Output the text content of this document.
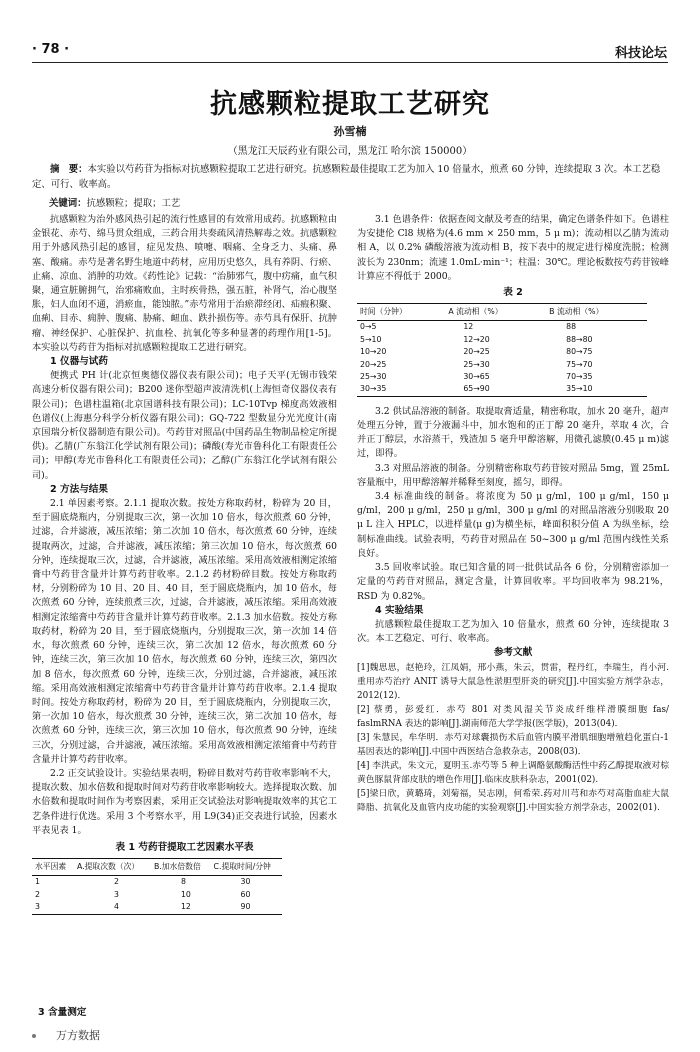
· 78 ·	科技论坛
抗感颗粒提取工艺研究
孙雪楠
（黑龙江天辰药业有限公司，黑龙江 哈尔滨 150000）
摘　要：本实验以芍药苷为指标对抗感颗粒提取工艺进行研究。抗感颗粒最佳提取工艺为加入 10 倍量水，煎煮 60 分钟，连续提取 3 次。本工艺稳定、可行、收率高。
关键词：抗感颗粒；提取；工艺

抗感颗粒为治外感风热引起的流行性感冒的有效常用成药。抗感颗粒由金银花、赤芍、绵马贯众组成，三药合用共奏疏风清热解毒之效。抗感颗粒用于外感风热引起的感冒，症见发热、喷嚏、咽痛、全身乏力、头痛、鼻塞、酸痛。赤芍是著名野生地道中药材，应用历史悠久，具有养阴、行瘀、止痛、凉血、消肿的功效。《药性论》记载：“治肺邪气，腹中疠痛，血气积聚，通宣脏腑拥气，治邪痛败血，主时疾骨热，强五脏，补肾气，治心腹坚胀，妇人血闭不通，消瘀血，能蚀脓。”赤芍常用于治瘀滞经闭、疝瘕积聚、血痢、目赤、痈肿、腹痛、胁痛、衄血、跌扑损伤等。赤芍具有保肝、抗肿瘤、神经保护、心脏保护、抗血栓、抗氧化等多种显著的药理作用[1-5]。本实验以芍药苷为指标对抗感颗粒提取工艺进行研究。

1 仪器与试药

便携式 PH 计(北京恒奥德仪器仪表有限公司)；电子天平(无锡市钱荣高速分析仪器有限公司)；B200 迷你型超声波清洗机(上海恒奇仪器仪表有限公司)；色谱柱温箱(北京国谱科技有限公司)；LC-10Tvp 梯度高效液相色谱仪(上海惠分科学分析仪器有限公司)；GQ-722 型数显分光光度计(南京国瑞分析仪器制造有限公司)。芍药苷对照品(中国药品生物制品检定所提供)。乙腈(广东翁江化学试剂有限公司)；磷酸(寿光市鲁科化工有限责任公司)；甲醇(寿光市鲁科化工有限责任公司)；乙醇(广东翁江化学试剂有限公司)。

2 方法与结果

2.1 单因素考察。2.1.1 提取次数。按处方称取药材，粉碎为 20 目，至于圆底烧瓶内，分别提取三次，第一次加 10 倍水，每次煎煮 60 分钟，过滤，合并滤液，减压浓缩；第二次加 10 倍水，每次煎煮 60 分钟，连续提取两次，过滤，合并滤液，减压浓缩；第三次加 10 倍水，每次煎煮 60 分钟，连续提取三次，过滤，合并滤液，减压浓缩。采用高效液相测定浓缩膏中芍药苷含量并计算芍药苷收率。2.1.2 药材粉碎目数。按处方称取药材，分别粉碎为 10 目、20 目、40 目，至于圆底烧瓶内，加 10 倍水，每次煎煮 60 分钟，连续煎煮三次，过滤，合并滤液，减压浓缩。采用高效液相测定浓缩膏中芍药苷含量并计算芍药苷收率。2.1.3 加水倍数。按处方称取药材，粉碎为 20 目，至于圆底烧瓶内，分别提取三次，第一次加 14 倍水，每次煎煮 60 分钟，连续三次，第二次加 12 倍水，每次煎煮 60 分钟，连续三次，第三次加 10 倍水，每次煎煮 60 分钟，连续三次，第四次加 8 倍水，每次煎煮 60 分钟，连续三次，分别过滤，合并滤液，减压浓缩。采用高效液相测定浓缩膏中芍药苷含量并计算芍药苷收率。2.1.4 提取时间。按处方称取药材，粉碎为 20 目，至于圆底烧瓶内，分别提取三次，第一次加 10 倍水，每次煎煮 30 分钟，连续三次，第二次加 10 倍水，每次煎煮 60 分钟，连续三次，第三次加 10 倍水，每次煎煮 90 分钟，连续三次，分别过滤，合并滤液，减压浓缩。采用高效液相测定浓缩膏中芍药苷含量并计算芍药苷收率。

2.2 正交试验设计。实验结果表明，粉碎目数对芍药苷收率影响不大，提取次数、加水倍数和提取时间对芍药苷收率影响较大。选择提取次数、加水倍数和提取时间作为考察因素，采用正交试验法对影响提取效率的其它工艺条件进行优选。采用 3 个考察水平，用 L9(34)正交表进行试验，因素水平表见表 1。

表 1 芍药苷提取工艺因素水平表
水平因素	A.提取次数（次）	B.加水倍数倍	C.提取时间/分钟
1	2	8	30
2	3	10	60
3	4	12	90
3 含量测定

3.1 色谱条件：依据查阅文献及考查的结果，确定色谱条件如下。色谱柱为安捷伦 Cl8 规格为(4.6 mm × 250 mm，5 μ m)；流动相以乙腈为流动相 A，以 0.2% 磷酸溶液为流动相 B，按下表中的规定进行梯度洗脱；检测波长为 230nm；流速 1.0mL·min⁻¹；柱温：30℃。理论板数按芍药苷铵峰计算应不得低于 2000。

表 2
时间（分钟）	A 流动相（%）	B 流动相（%）
0→5	12	88
5→10	12→20	88→80
10→20	20→25	80→75
20→25	25→30	75→70
25→30	30→65	70→35
30→35	65→90	35→10

3.2 供试品溶液的制备。取提取膏适量，精密称取，加水 20 毫升，超声处理五分钟，置于分液漏斗中，加水饱和的正丁醇 20 毫升，萃取 4 次，合并正丁醇层，水浴蒸干，残渣加 5 毫升甲醇溶解，用微孔滤膜(0.45 μ m)滤过，即得。

3.3 对照品溶液的制备。分别精密称取芍药苷铵对照品 5mg，置 25mL 容量瓶中，用甲醇溶解并稀释至刻度，摇匀，即得。

3.4 标准曲线的制备。将浓度为 50 μ g/ml，100 μ g/ml，150 μ g/ml，200 μ g/ml，250 μ g/ml，300 μ g/ml 的对照品溶液分别吸取 20 μ L 注入 HPLC，以进样量(μ g)为横坐标，峰面积积分值 A 为纵坐标，绘制标准曲线。试验表明，芍药苷对照品在 50~300 μ g/ml 范围内线性关系良好。

3.5 回收率试验。取已知含量的同一批供试品各 6 份，分别精密添加一定量的芍药苷对照品，测定含量，计算回收率。平均回收率为 98.21%，RSD 为 0.82%。

4 实验结果

抗感颗粒最佳提取工艺为加入 10 倍量水，煎煮 60 分钟，连续提取 3 次。本工艺稳定、可行、收率高。

参考文献
[1]魏思思，赵艳玲，江凤娟，邢小燕，朱云，贯雷，程丹红，李瑞生，肖小河.重用赤芍治疗 ANIT 诱导大鼠急性淤胆型肝炎的研究[J].中国实验方剂学杂志，2012(12)．
[2] 蔡勇，彭爱红．赤芍 801 对类风湿关节炎成纤维样滑膜细胞 fas/ faslmRNA 表达的影响[J].湖南师范大学学报(医学版)，2013(04)．
[3] 朱慧民，牟华明．赤芍对球囊损伤术后血管内膜平滑肌细胞增殖趋化蛋白-1 基因表达的影响[J].中国中西医结合急救杂志，2008(03)．
[4] 李洪武，朱文元，夏明玉.赤芍等 5 种上调酪氨酸酶活性中药乙醇提取液对棕黄色豚鼠背部皮肤的增色作用[J].临床皮肤科杂志，2001(02).
[5]梁日欣，黄璐琦，刘菊福，吴志刚，何希荣.药对川芎和赤芍对高脂血症大鼠降脂、抗氧化及血管内皮功能的实验观察[J].中国实验方剂学杂志，2002(01).
万方数据
